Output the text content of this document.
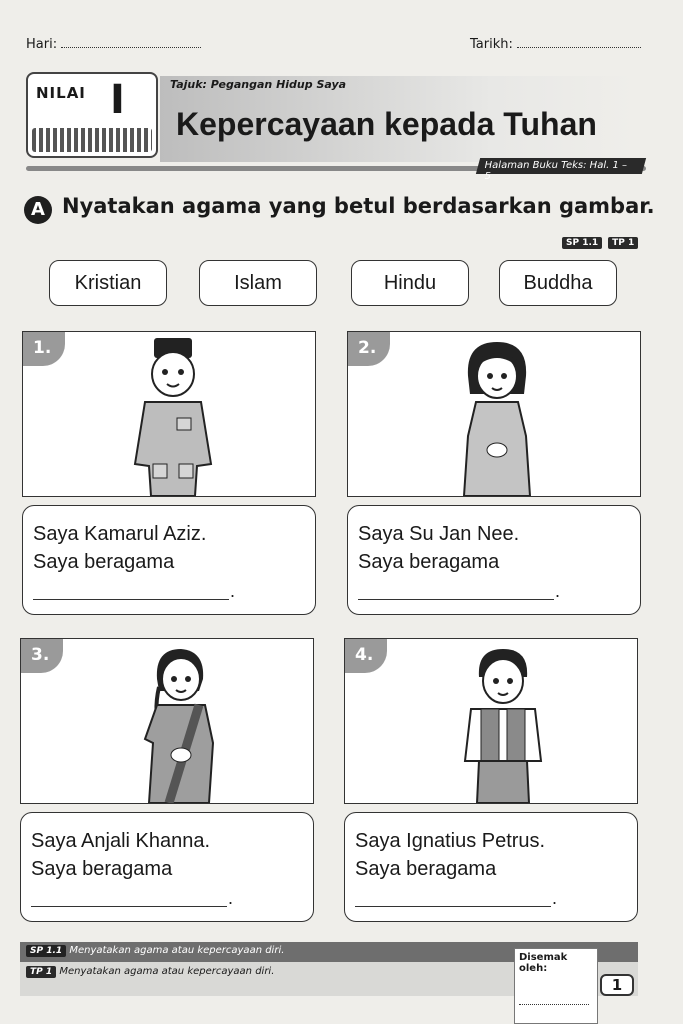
Hari:	Tarikh:
NILAI I	Tajuk: Pegangan Hidup Saya
Kepercayaan kepada Tuhan
Halaman Buku Teks: Hal. 1 – 5
A Nyatakan agama yang betul berdasarkan gambar.
SP 1.1 TP 1
Kristian	Islam	Hindu	Buddha
1.
Saya Kamarul Aziz.
Saya beragama
.
2.
Saya Su Jan Nee.
Saya beragama
.
3.
Saya Anjali Khanna.
Saya beragama
.
4.
Saya Ignatius Petrus.
Saya beragama
.
SP 1.1 Menyatakan agama atau kepercayaan diri.
TP 1 Menyatakan agama atau kepercayaan diri.
Disemak oleh:
1
